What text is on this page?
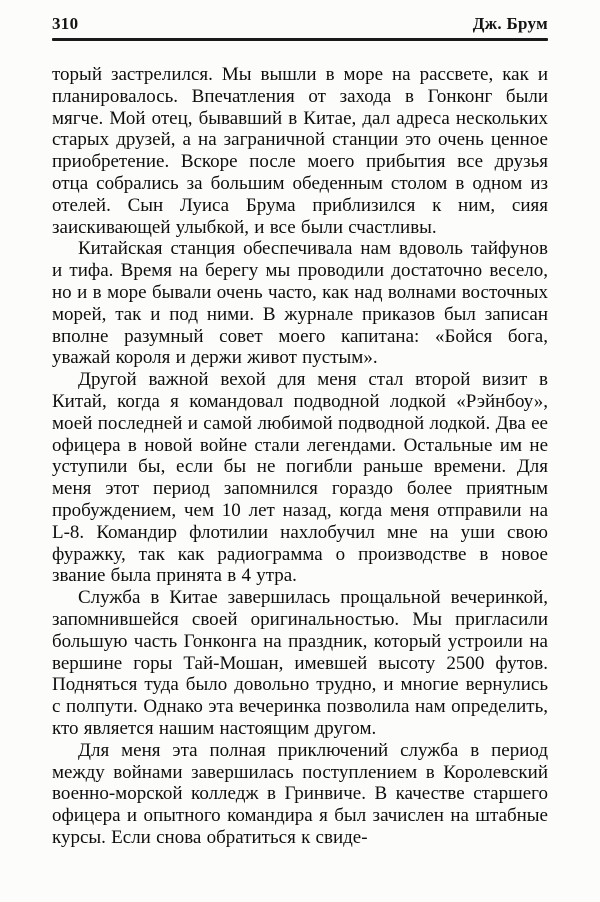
310	Дж. Брум

торый застрелился. Мы вышли в море на рассвете, как и планировалось. Впечатления от захода в Гонконг были мягче. Мой отец, бывавший в Китае, дал адреса нескольких старых друзей, а на заграничной станции это очень ценное приобретение. Вскоре после моего прибытия все друзья отца собрались за большим обеденным столом в одном из отелей. Сын Луиса Брума приблизился к ним, сияя заискивающей улыбкой, и все были счастливы.

Китайская станция обеспечивала нам вдоволь тайфунов и тифа. Время на берегу мы проводили достаточно весело, но и в море бывали очень часто, как над волнами восточных морей, так и под ними. В журнале приказов был записан вполне разумный совет моего капитана: «Бойся бога, уважай короля и держи живот пустым».

Другой важной вехой для меня стал второй визит в Китай, когда я командовал подводной лодкой «Рэйнбоу», моей последней и самой любимой подводной лодкой. Два ее офицера в новой войне стали легендами. Остальные им не уступили бы, если бы не погибли раньше времени. Для меня этот период запомнился гораздо более приятным пробуждением, чем 10 лет назад, когда меня отправили на L-8. Командир флотилии нахлобучил мне на уши свою фуражку, так как радиограмма о производстве в новое звание была принята в 4 утра.

Служба в Китае завершилась прощальной вечеринкой, запомнившейся своей оригинальностью. Мы пригласили большую часть Гонконга на праздник, который устроили на вершине горы Тай-Мошан, имевшей высоту 2500 футов. Подняться туда было довольно трудно, и многие вернулись с полпути. Однако эта вечеринка позволила нам определить, кто является нашим настоящим другом.

Для меня эта полная приключений служба в период между войнами завершилась поступлением в Королевский военно-морской колледж в Гринвиче. В качестве старшего офицера и опытного командира я был зачислен на штабные курсы. Если снова обратиться к свиде-
